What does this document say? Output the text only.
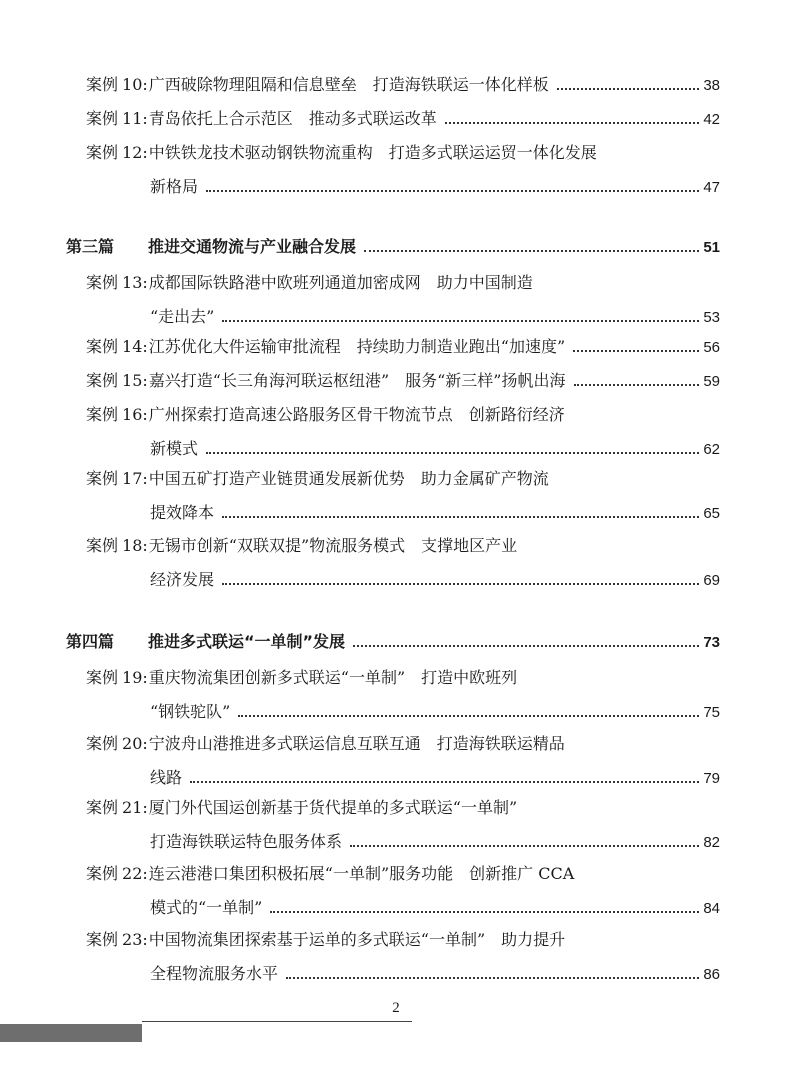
案例 10 : 广西破除物理阻隔和信息壁垒　打造海铁联运一体化样板	38
案例 11 : 青岛依托上合示范区　推动多式联运改革	42
案例 12 : 中铁铁龙技术驱动钢铁物流重构　打造多式联运运贸一体化发展
新格局	47
第三篇	推进交通物流与产业融合发展	51
案例 13 : 成都国际铁路港中欧班列通道加密成网　助力中国制造
“走出去”	53
案例 14 : 江苏优化大件运输审批流程　持续助力制造业跑出“加速度”	56
案例 15 : 嘉兴打造“长三角海河联运枢纽港”　服务“新三样”扬帆出海	59
案例 16 : 广州探索打造高速公路服务区骨干物流节点　创新路衍经济
新模式	62
案例 17 : 中国五矿打造产业链贯通发展新优势　助力金属矿产物流
提效降本	65
案例 18 : 无锡市创新“双联双提”物流服务模式　支撑地区产业
经济发展	69
第四篇	推进多式联运“一单制”发展	73
案例 19 : 重庆物流集团创新多式联运“一单制”　打造中欧班列
“钢铁驼队”	75
案例 20 : 宁波舟山港推进多式联运信息互联互通　打造海铁联运精品
线路	79
案例 21 : 厦门外代国运创新基于货代提单的多式联运“一单制”
打造海铁联运特色服务体系	82
案例 22 : 连云港港口集团积极拓展“一单制”服务功能　创新推广 CCA
模式的“一单制”	84
案例 23 : 中国物流集团探索基于运单的多式联运“一单制”　助力提升
全程物流服务水平	86
2
